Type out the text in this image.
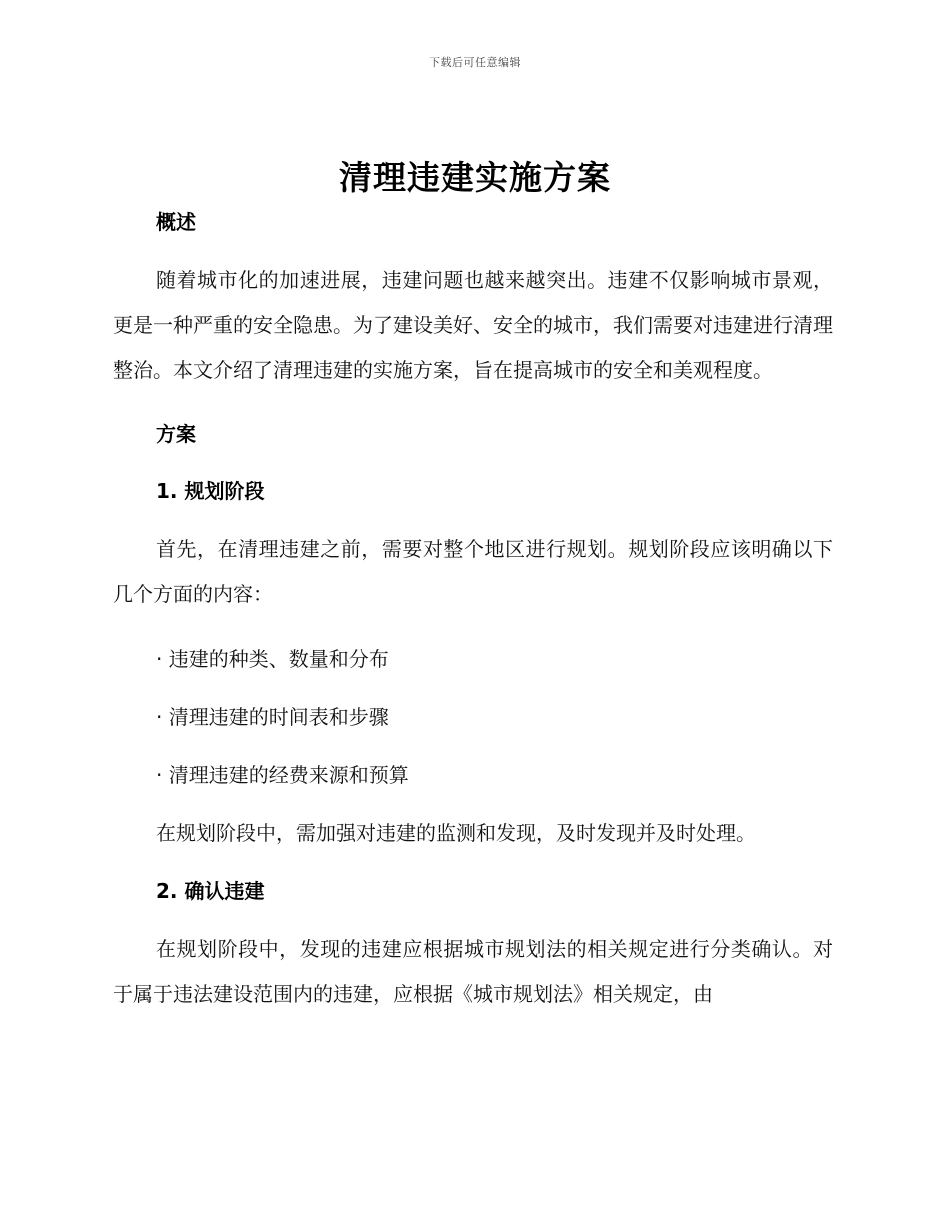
下载后可任意编辑
清理违建实施方案

概述

随着城市化的加速进展，违建问题也越来越突出。违建不仅影响城市景观，更是一种严重的安全隐患。为了建设美好、安全的城市，我们需要对违建进行清理整治。本文介绍了清理违建的实施方案，旨在提高城市的安全和美观程度。

方案

1. 规划阶段

首先，在清理违建之前，需要对整个地区进行规划。规划阶段应该明确以下几个方面的内容：

· 违建的种类、数量和分布

· 清理违建的时间表和步骤

· 清理违建的经费来源和预算

在规划阶段中，需加强对违建的监测和发现，及时发现并及时处理。

2. 确认违建

在规划阶段中，发现的违建应根据城市规划法的相关规定进行分类确认。对于属于违法建设范围内的违建，应根据《城市规划法》相关规定，由
